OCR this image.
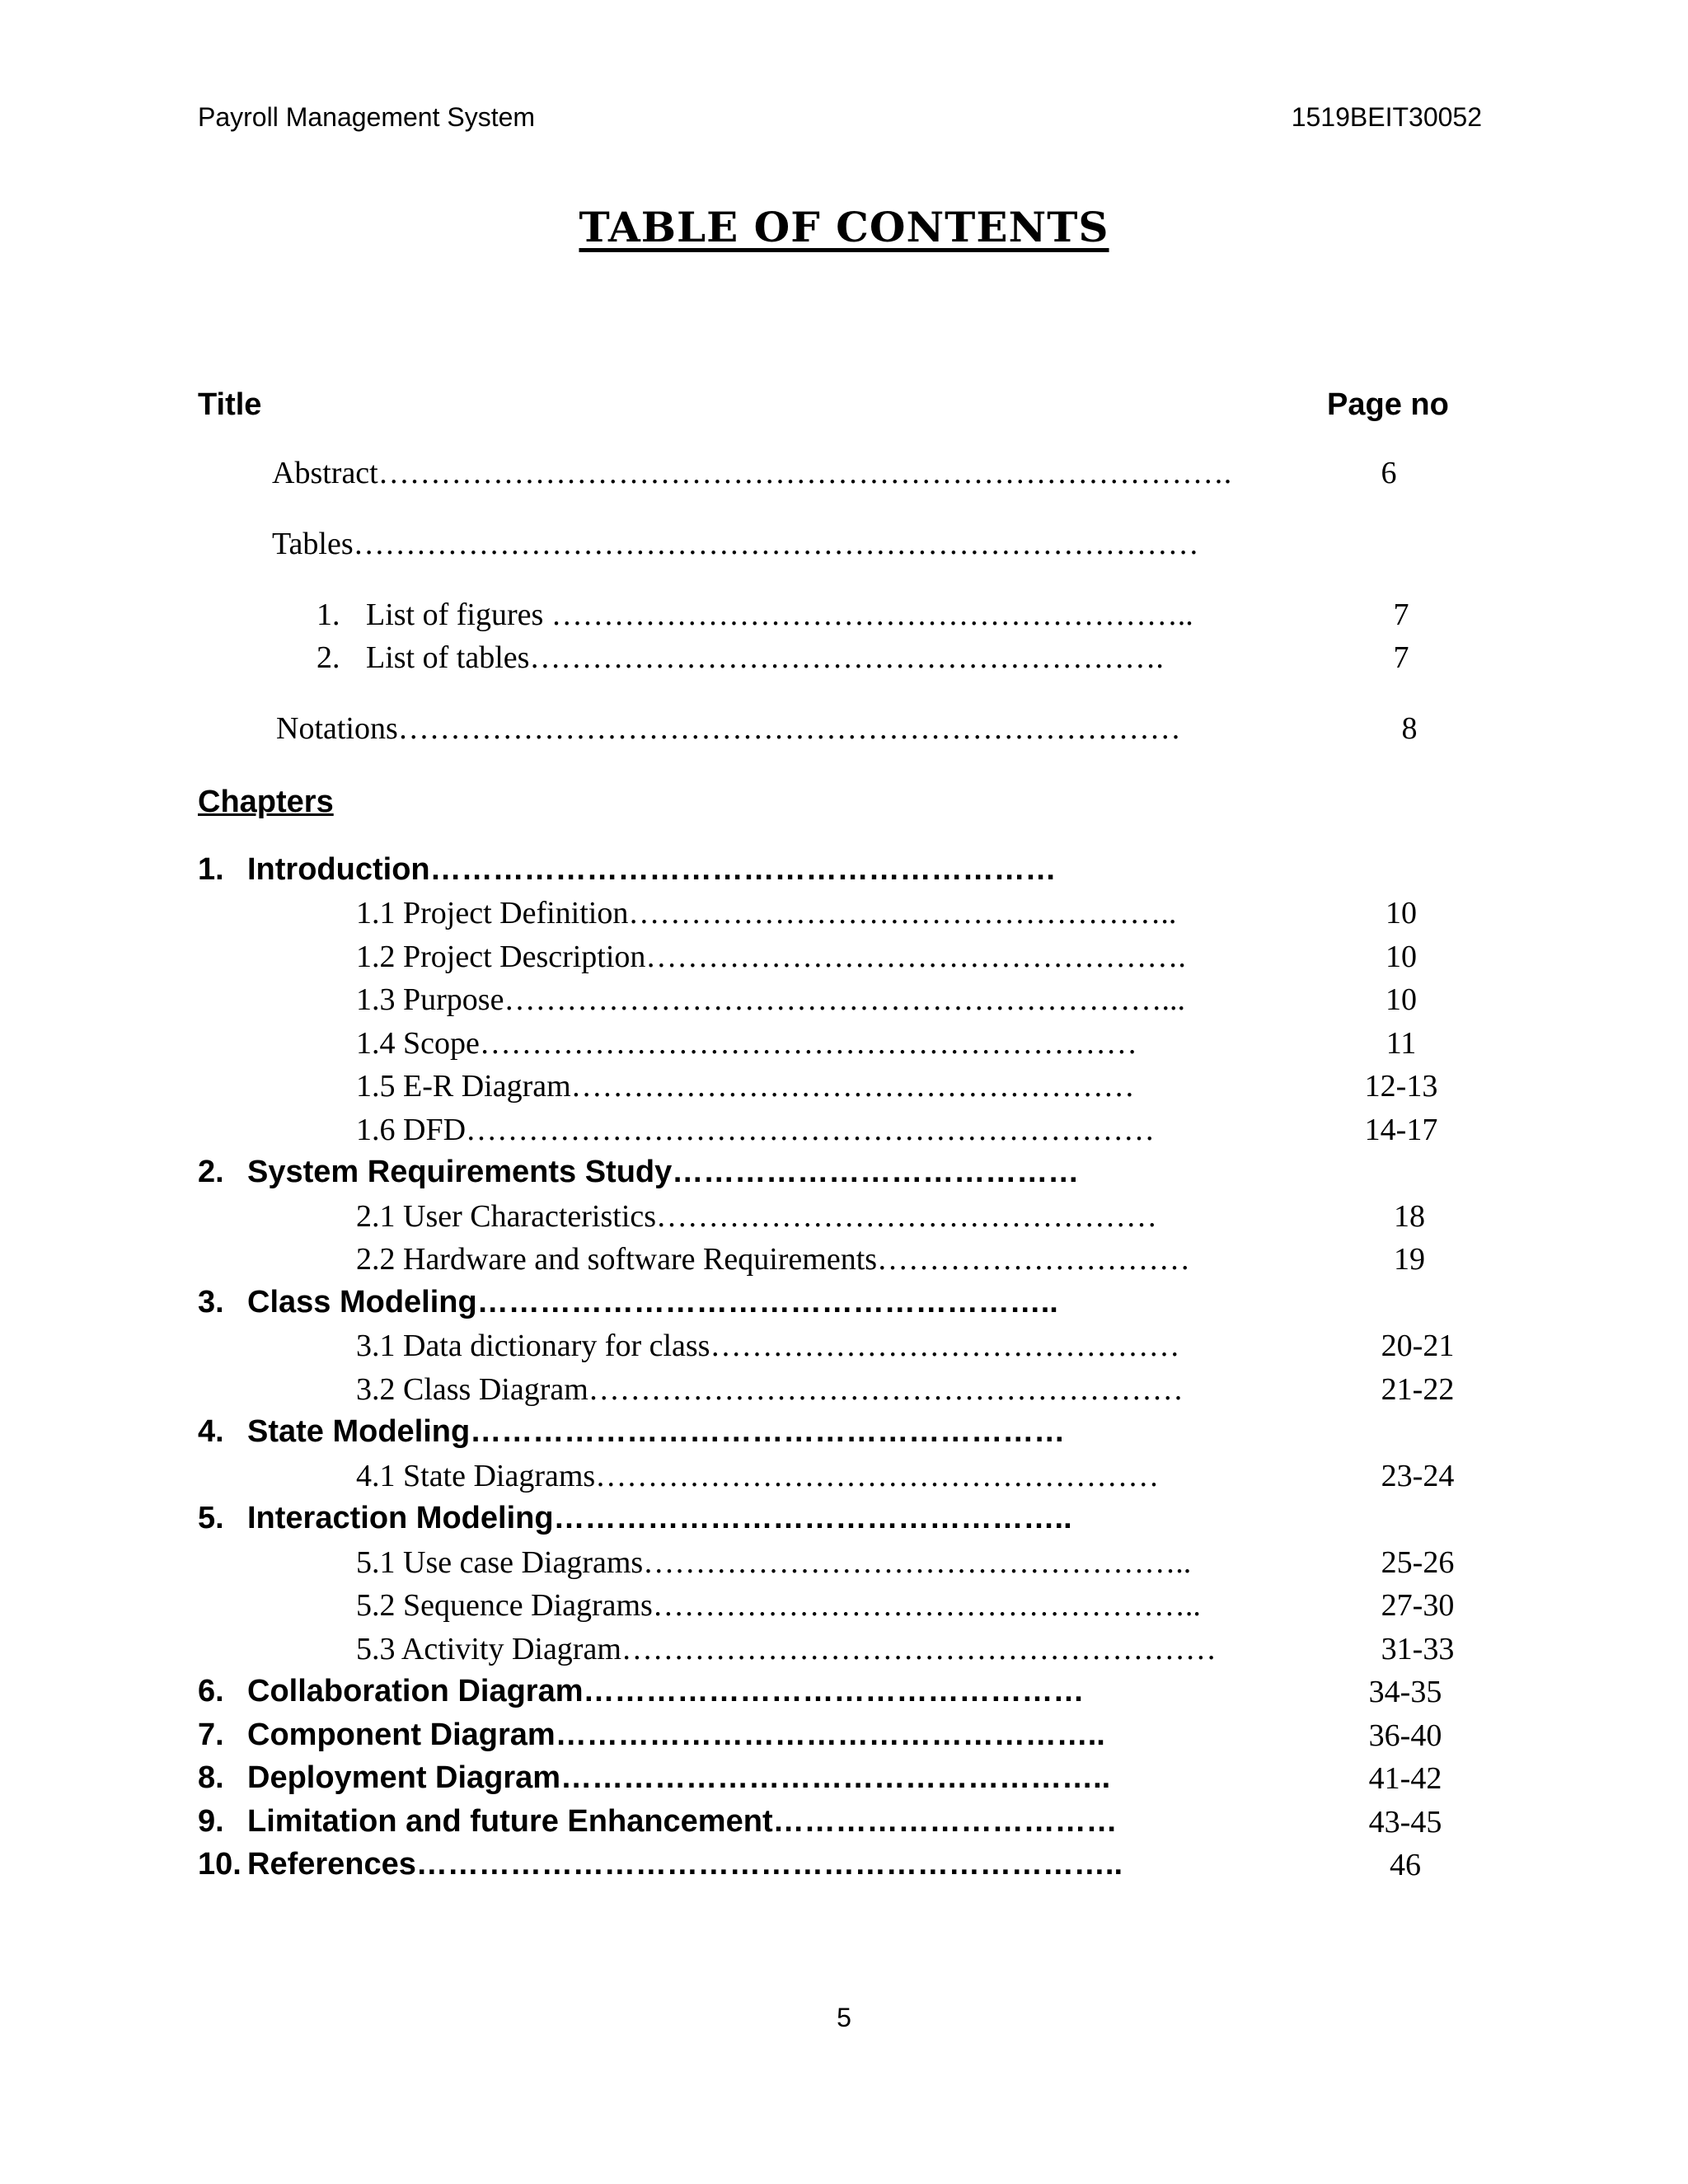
Payroll Management System	1519BEIT30052
TABLE OF CONTENTS
Title	Page no
Abstract……………………………………………………………………….	6
Tables………………………………………………………………………
1. List of figures ……………………………………………………..	7
2. List of tables…………………………………………………….	7
Notations…………………………………………………………………	8
Chapters
1. Introduction……………………………………………………
1.1 Project Definition……………………………………………..	10
1.2 Project Description…………………………………………….	10
1.3 Purpose………………………………………………………...	10
1.4 Scope………………………………………………………	11
1.5 E-R Diagram………………………………………………	12-13
1.6 DFD…………………………………………………………	14-17
2. System Requirements Study…………………………………
2.1 User Characteristics…………………………………………	18
2.2 Hardware and software Requirements…………………………	19
3. Class Modeling………………………………………………..
3.1 Data dictionary for class………………………………………	20-21
3.2 Class Diagram…………………………………………………	21-22
4. State Modeling…………………………………………………
4.1 State Diagrams………………………………………………	23-24
5. Interaction Modeling…………………………………………..
5.1 Use case Diagrams……………………………………………..	25-26
5.2 Sequence Diagrams……………………………………………..	27-30
5.3 Activity Diagram…………………………………………………	31-33
6. Collaboration Diagram…………………………………………	34-35
7. Component Diagram……………………………………………..	36-40
8. Deployment Diagram……………………………………………..	41-42
9. Limitation and future Enhancement……………………………	43-45
10. References…………………………………………………………..	46
5
